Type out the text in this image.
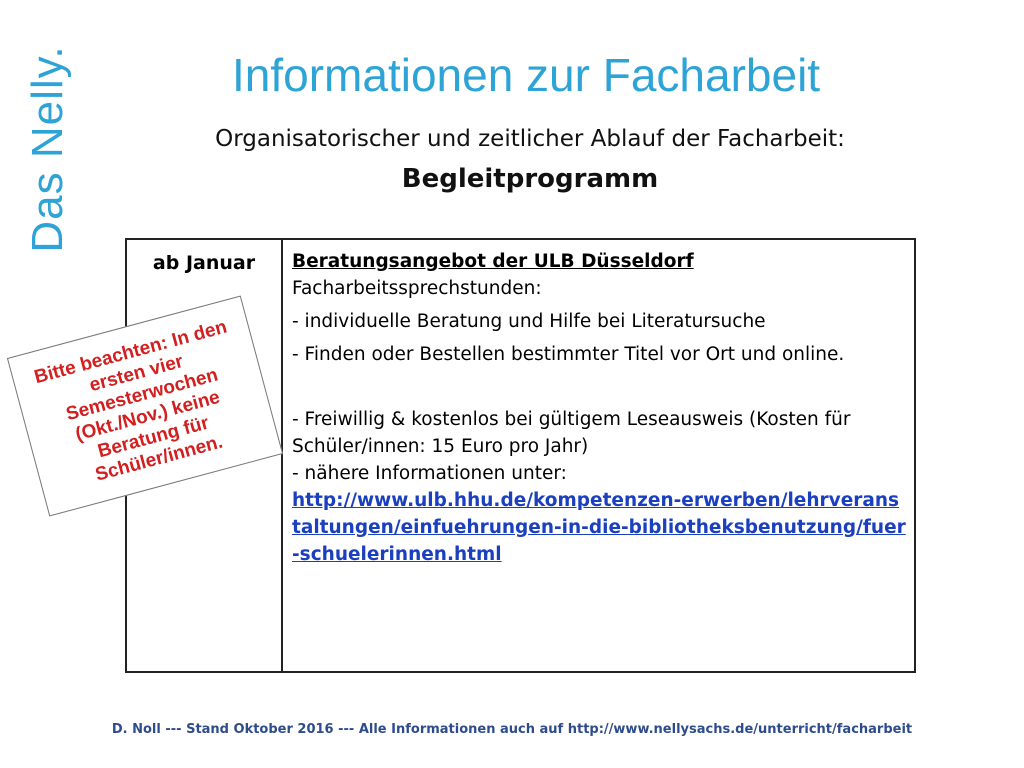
Das Nelly.	Informationen zur Facharbeit
Organisatorischer und zeitlicher Ablauf der Facharbeit:
Begleitprogramm
ab Januar	Beratungsangebot der ULB Düsseldorf
Facharbeitssprechstunden:
- individuelle Beratung und Hilfe bei Literatursuche
- Finden oder Bestellen bestimmter Titel vor Ort und online.
- Freiwillig & kostenlos bei gültigem Leseausweis (Kosten für Schüler/innen: 15 Euro pro Jahr)
- nähere Informationen unter:
http://www.ulb.hhu.de/kompetenzen-erwerben/lehrveranstaltungen/einfuehrungen-in-die-bibliotheksbenutzung/fuer-schuelerinnen.html
Bitte beachten: In den ersten vier Semesterwochen (Okt./Nov.) keine Beratung für Schüler/innen.
D. Noll --- Stand Oktober 2016 --- Alle Informationen auch auf http://www.nellysachs.de/unterricht/facharbeit
